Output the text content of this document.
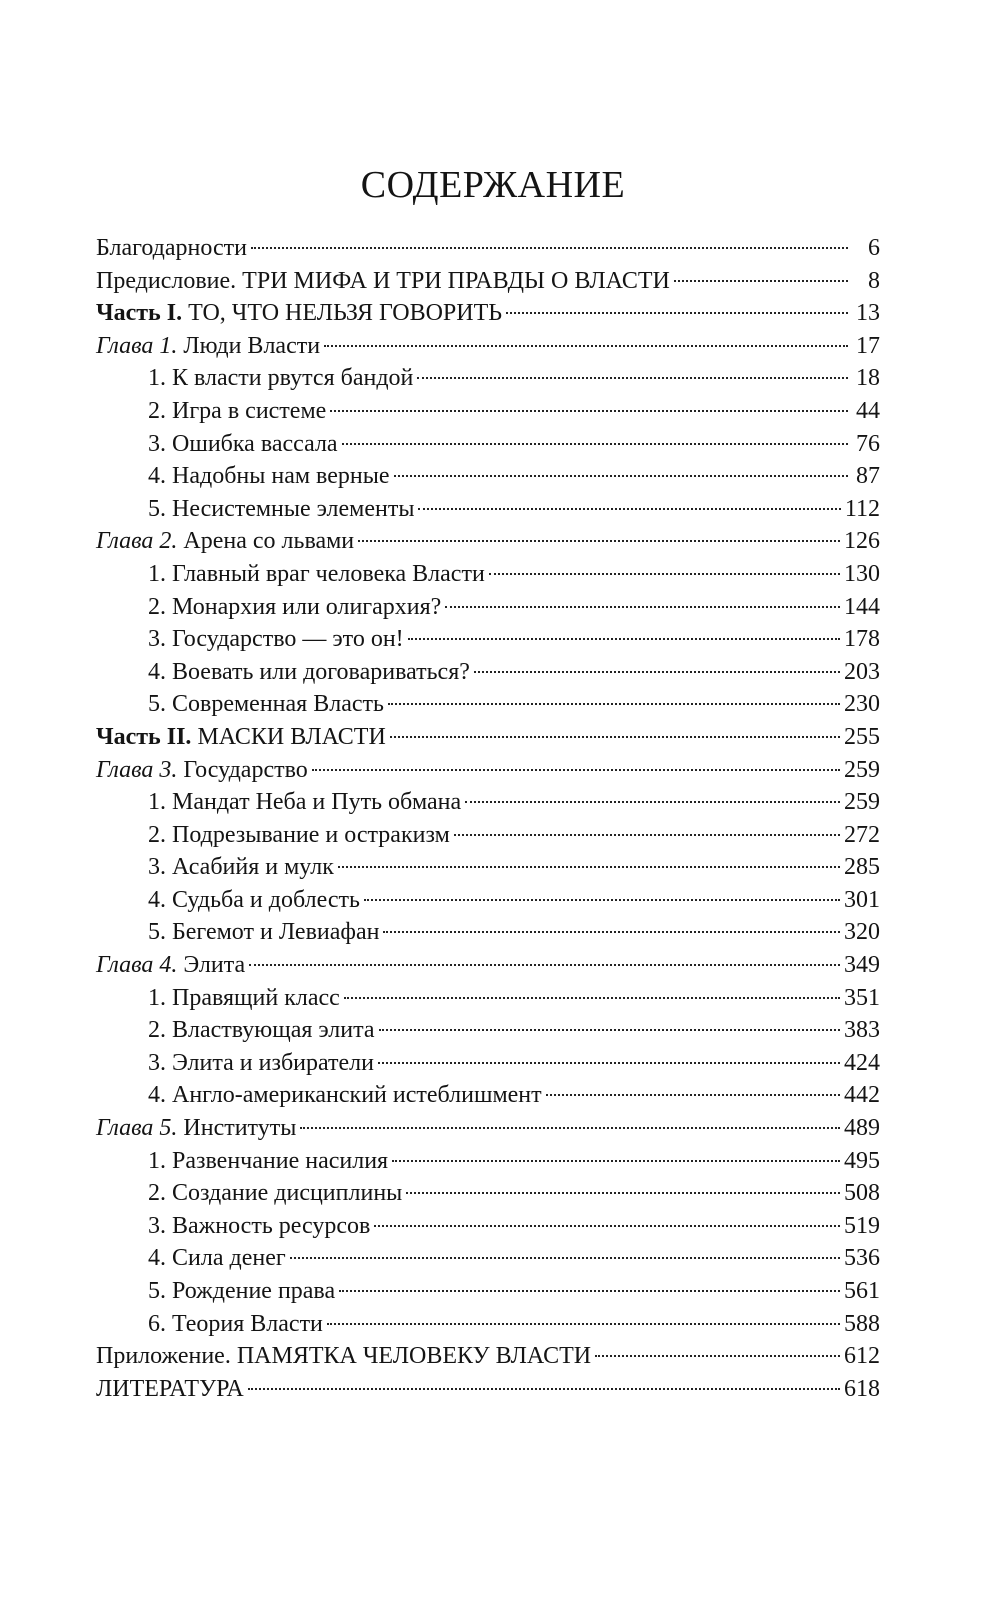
СОДЕРЖАНИЕ
Благодарности	6
Предисловие. ТРИ МИФА И ТРИ ПРАВДЫ О ВЛАСТИ	8
Часть I. ТО, ЧТО НЕЛЬЗЯ ГОВОРИТЬ	13
Глава 1. Люди Власти	17
1. К власти рвутся бандой	18
2. Игра в системе	44
3. Ошибка вассала	76
4. Надобны нам верные	87
5. Несистемные элементы	112
Глава 2. Арена со львами	126
1. Главный враг человека Власти	130
2. Монархия или олигархия?	144
3. Государство — это он!	178
4. Воевать или договариваться?	203
5. Современная Власть	230
Часть II. МАСКИ ВЛАСТИ	255
Глава 3. Государство	259
1. Мандат Неба и Путь обмана	259
2. Подрезывание и остракизм	272
3. Асабийя и мулк	285
4. Судьба и доблесть	301
5. Бегемот и Левиафан	320
Глава 4. Элита	349
1. Правящий класс	351
2. Властвующая элита	383
3. Элита и избиратели	424
4. Англо-американский истеблишмент	442
Глава 5. Институты	489
1. Развенчание насилия	495
2. Создание дисциплины	508
3. Важность ресурсов	519
4. Сила денег	536
5. Рождение права	561
6. Теория Власти	588
Приложение. ПАМЯТКА ЧЕЛОВЕКУ ВЛАСТИ	612
ЛИТЕРАТУРА	618
